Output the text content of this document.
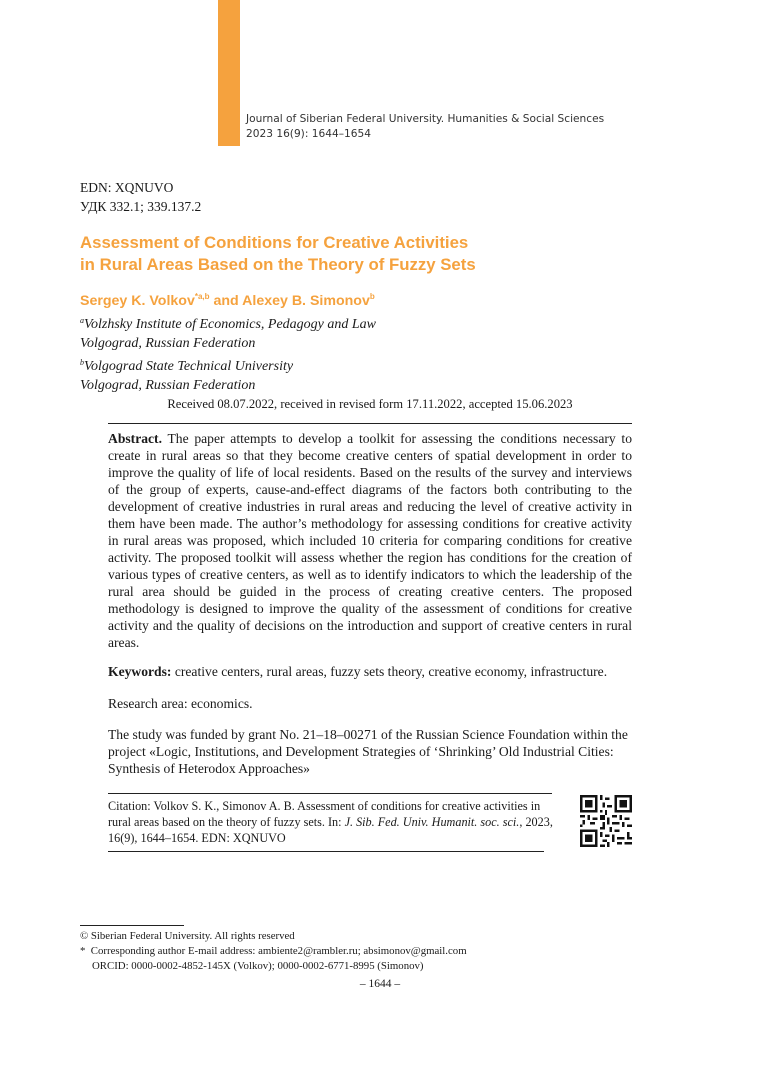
Journal of Siberian Federal University. Humanities & Social Sciences
2023 16(9): 1644–1654
EDN: XQNUVO
УДК 332.1; 339.137.2
Assessment of Conditions for Creative Activities
in Rural Areas Based on the Theory of Fuzzy Sets
Sergey K. Volkov$^{*a,b}$ and Alexey B. Simonov$^b$
$^a$Volzhsky Institute of Economics, Pedagogy and Law
Volgograd, Russian Federation
$^b$Volgograd State Technical University
Volgograd, Russian Federation
Received 08.07.2022, received in revised form 17.11.2022, accepted 15.06.2023
Abstract. The paper attempts to develop a toolkit for assessing the conditions necessary to create in rural areas so that they become creative centers of spatial development in order to improve the quality of life of local residents. Based on the results of the survey and interviews of the group of experts, cause-and-effect diagrams of the factors both contributing to the development of creative industries in rural areas and reducing the level of creative activity in them have been made. The author’s methodology for assessing conditions for creative activity in rural areas was proposed, which included 10 criteria for comparing conditions for creative activity. The proposed toolkit will assess whether the region has conditions for the creation of various types of creative centers, as well as to identify indicators to which the leadership of the rural area should be guided in the process of creating creative centers. The proposed methodology is designed to improve the quality of the assessment of conditions for creative activity and the quality of decisions on the introduction and support of creative centers in rural areas.
Keywords: creative centers, rural areas, fuzzy sets theory, creative economy, infrastructure.
Research area: economics.
The study was funded by grant No. 21–18–00271 of the Russian Science Foundation within the project «Logic, Institutions, and Development Strategies of ‘Shrinking’ Old Industrial Cities: Synthesis of Heterodox Approaches»
Citation: Volkov S. K., Simonov A. B. Assessment of conditions for creative activities in rural areas based on the theory of fuzzy sets. In: J. Sib. Fed. Univ. Humanit. soc. sci., 2023, 16(9), 1644–1654. EDN: XQNUVO
© Siberian Federal University. All rights reserved
*  Corresponding author E-mail address: ambiente2@rambler.ru; absimonov@gmail.com
ORCID: 0000-0002-4852-145X (Volkov); 0000-0002-6771-8995 (Simonov)
– 1644 –
